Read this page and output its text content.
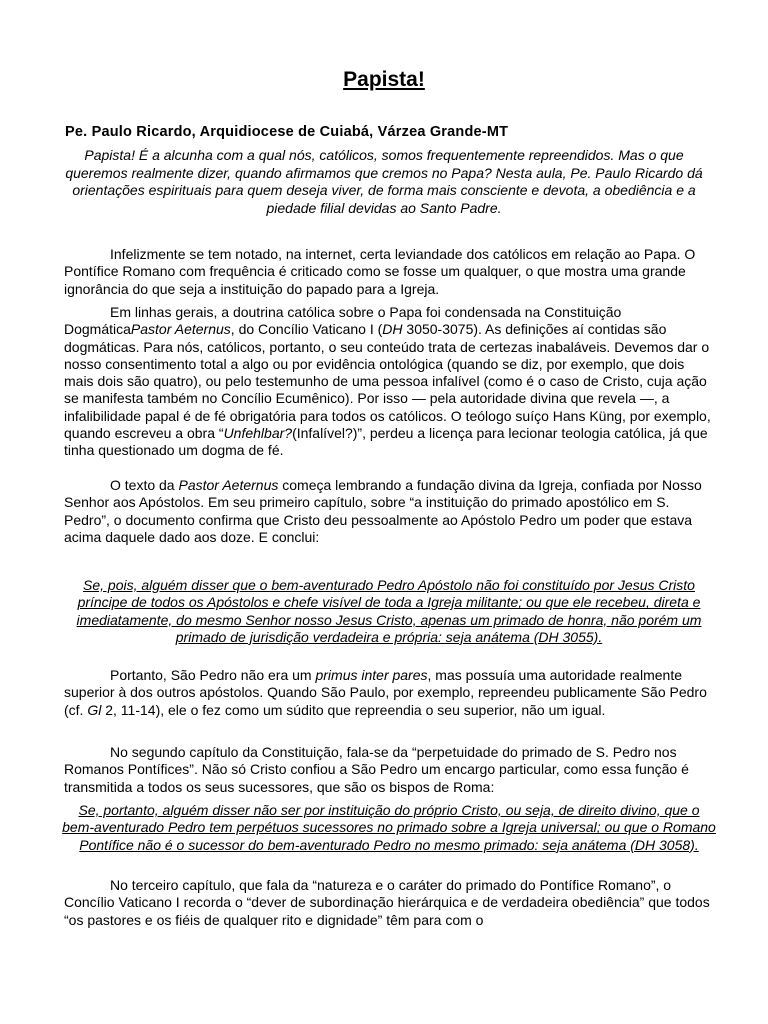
Papista!

Pe. Paulo Ricardo, Arquidiocese de Cuiabá, Várzea Grande-MT

Papista! É a alcunha com a qual nós, católicos, somos frequentemente repreendidos. Mas o que queremos realmente dizer, quando afirmamos que cremos no Papa? Nesta aula, Pe. Paulo Ricardo dá orientações espirituais para quem deseja viver, de forma mais consciente e devota, a obediência e a piedade filial devidas ao Santo Padre.

Infelizmente se tem notado, na internet, certa leviandade dos católicos em relação ao Papa. O Pontífice Romano com frequência é criticado como se fosse um qualquer, o que mostra uma grande ignorância do que seja a instituição do papado para a Igreja.

Em linhas gerais, a doutrina católica sobre o Papa foi condensada na Constituição DogmáticaPastor Aeternus, do Concílio Vaticano I (DH 3050-3075). As definições aí contidas são dogmáticas. Para nós, católicos, portanto, o seu conteúdo trata de certezas inabaláveis. Devemos dar o nosso consentimento total a algo ou por evidência ontológica (quando se diz, por exemplo, que dois mais dois são quatro), ou pelo testemunho de uma pessoa infalível (como é o caso de Cristo, cuja ação se manifesta também no Concílio Ecumênico). Por isso — pela autoridade divina que revela —, a infalibilidade papal é de fé obrigatória para todos os católicos. O teólogo suíço Hans Küng, por exemplo, quando escreveu a obra “Unfehlbar?(Infalível?)”, perdeu a licença para lecionar teologia católica, já que tinha questionado um dogma de fé.

O texto da Pastor Aeternus começa lembrando a fundação divina da Igreja, confiada por Nosso Senhor aos Apóstolos. Em seu primeiro capítulo, sobre “a instituição do primado apostólico em S. Pedro”, o documento confirma que Cristo deu pessoalmente ao Apóstolo Pedro um poder que estava acima daquele dado aos doze. E conclui:

Se, pois, alguém disser que o bem-aventurado Pedro Apóstolo não foi constituído por Jesus Cristo príncipe de todos os Apóstolos e chefe visível de toda a Igreja militante; ou que ele recebeu, direta e imediatamente, do mesmo Senhor nosso Jesus Cristo, apenas um primado de honra, não porém um primado de jurisdição verdadeira e própria: seja anátema (DH 3055).

Portanto, São Pedro não era um primus inter pares, mas possuía uma autoridade realmente superior à dos outros apóstolos. Quando São Paulo, por exemplo, repreendeu publicamente São Pedro (cf. Gl 2, 11-14), ele o fez como um súdito que repreendia o seu superior, não um igual.

No segundo capítulo da Constituição, fala-se da “perpetuidade do primado de S. Pedro nos Romanos Pontífices”. Não só Cristo confiou a São Pedro um encargo particular, como essa função é transmitida a todos os seus sucessores, que são os bispos de Roma:

Se, portanto, alguém disser não ser por instituição do próprio Cristo, ou seja, de direito divino, que o bem-aventurado Pedro tem perpétuos sucessores no primado sobre a Igreja universal; ou que o Romano Pontífice não é o sucessor do bem-aventurado Pedro no mesmo primado: seja anátema (DH 3058).

No terceiro capítulo, que fala da “natureza e o caráter do primado do Pontífice Romano”, o Concílio Vaticano I recorda o “dever de subordinação hierárquica e de verdadeira obediência” que todos “os pastores e os fiéis de qualquer rito e dignidade” têm para com o
